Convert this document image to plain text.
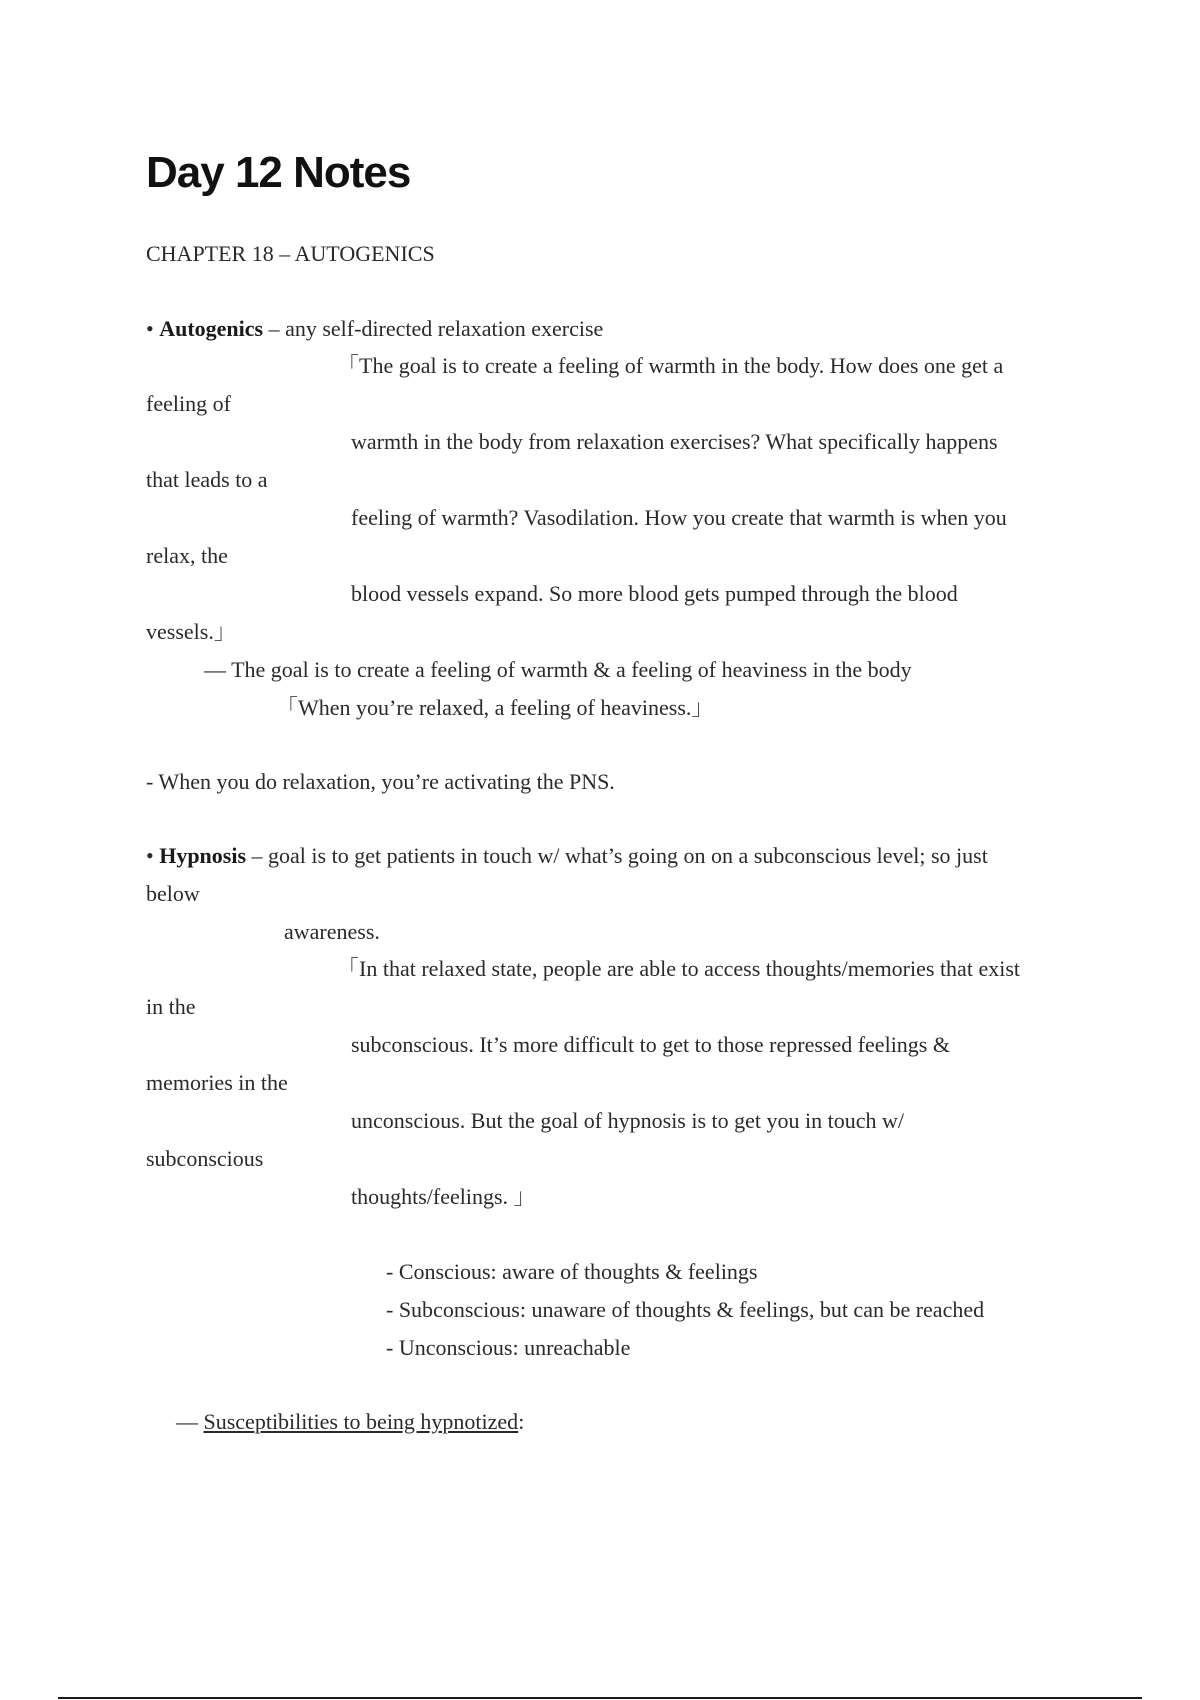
Day 12 Notes

CHAPTER 18 – AUTOGENICS

• Autogenics – any self-directed relaxation exercise

「The goal is to create a feeling of warmth in the body. How does one get a

feeling of

warmth in the body from relaxation exercises? What specifically happens

that leads to a

feeling of warmth? Vasodilation. How you create that warmth is when you

relax, the

blood vessels expand. So more blood gets pumped through the blood

vessels.」

— The goal is to create a feeling of warmth & a feeling of heaviness in the body

「When you’re relaxed, a feeling of heaviness.」

- When you do relaxation, you’re activating the PNS.

• Hypnosis – goal is to get patients in touch w/ what’s going on on a subconscious level; so just

below

awareness.

「In that relaxed state, people are able to access thoughts/memories that exist

in the

subconscious. It’s more difficult to get to those repressed feelings &

memories in the

unconscious. But the goal of hypnosis is to get you in touch w/

subconscious

thoughts/feelings. 」

- Conscious: aware of thoughts & feelings

- Subconscious: unaware of thoughts & feelings, but can be reached

- Unconscious: unreachable

— Susceptibilities to being hypnotized:
